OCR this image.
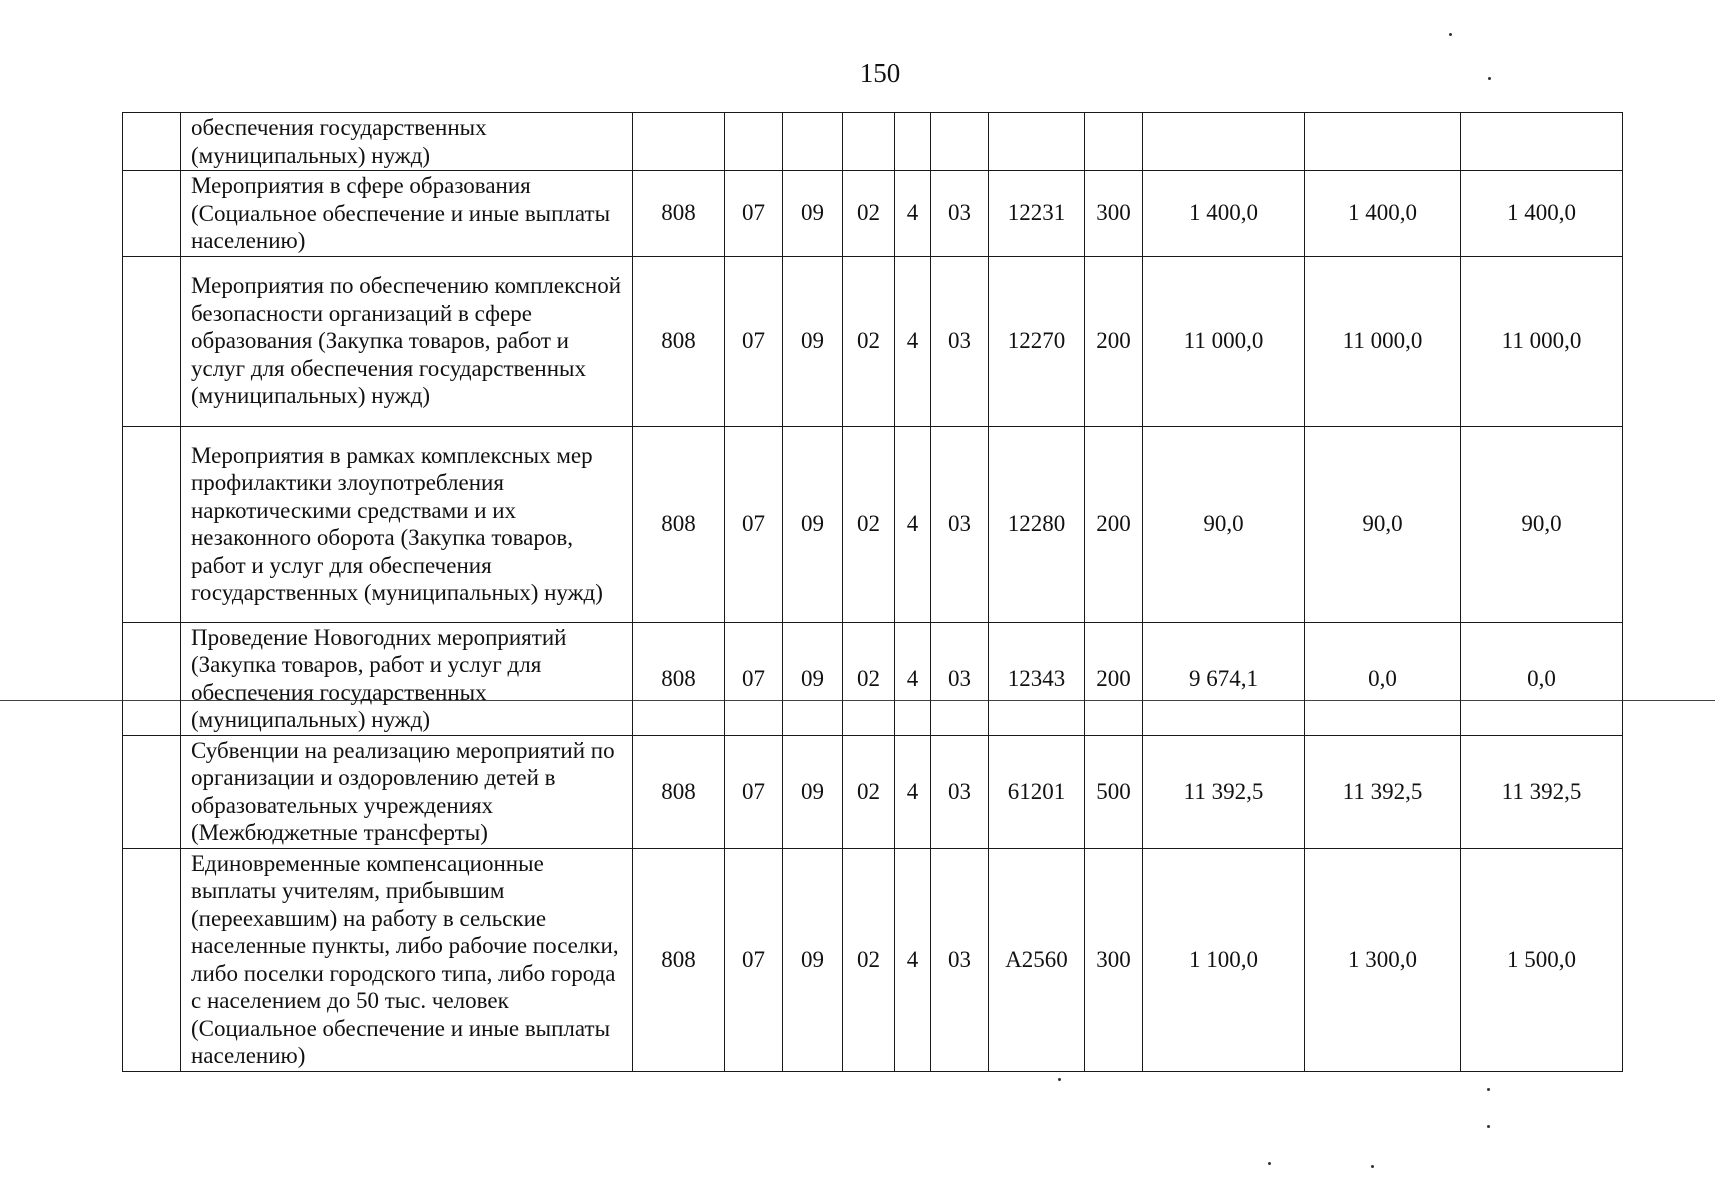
150
	обеспечения государственных (муниципальных) нужд)											
	Мероприятия в сфере образования (Социальное обеспечение и иные выплаты населению)	808	07	09	02	4	03	12231	300	1 400,0	1 400,0	1 400,0
	Мероприятия по обеспечению комплексной безопасности организаций в сфере образования (Закупка товаров, работ и услуг для обеспечения государственных (муниципальных) нужд)	808	07	09	02	4	03	12270	200	11 000,0	11 000,0	11 000,0
	Мероприятия в рамках комплексных мер профилактики злоупотребления наркотическими средствами и их незаконного оборота (Закупка товаров, работ и услуг для обеспечения государственных (муниципальных) нужд)	808	07	09	02	4	03	12280	200	90,0	90,0	90,0
	Проведение Новогодних мероприятий (Закупка товаров, работ и услуг для обеспечения государственных (муниципальных) нужд)	808	07	09	02	4	03	12343	200	9 674,1	0,0	0,0
	Субвенции на реализацию мероприятий по организации и оздоровлению детей в образовательных учреждениях (Межбюджетные трансферты)	808	07	09	02	4	03	61201	500	11 392,5	11 392,5	11 392,5
	Единовременные компенсационные выплаты учителям, прибывшим (переехавшим) на работу в сельские населенные пункты, либо рабочие поселки, либо поселки городского типа, либо города с населением до 50 тыс. человек (Социальное обеспечение и иные выплаты населению)	808	07	09	02	4	03	А2560	300	1 100,0	1 300,0	1 500,0
